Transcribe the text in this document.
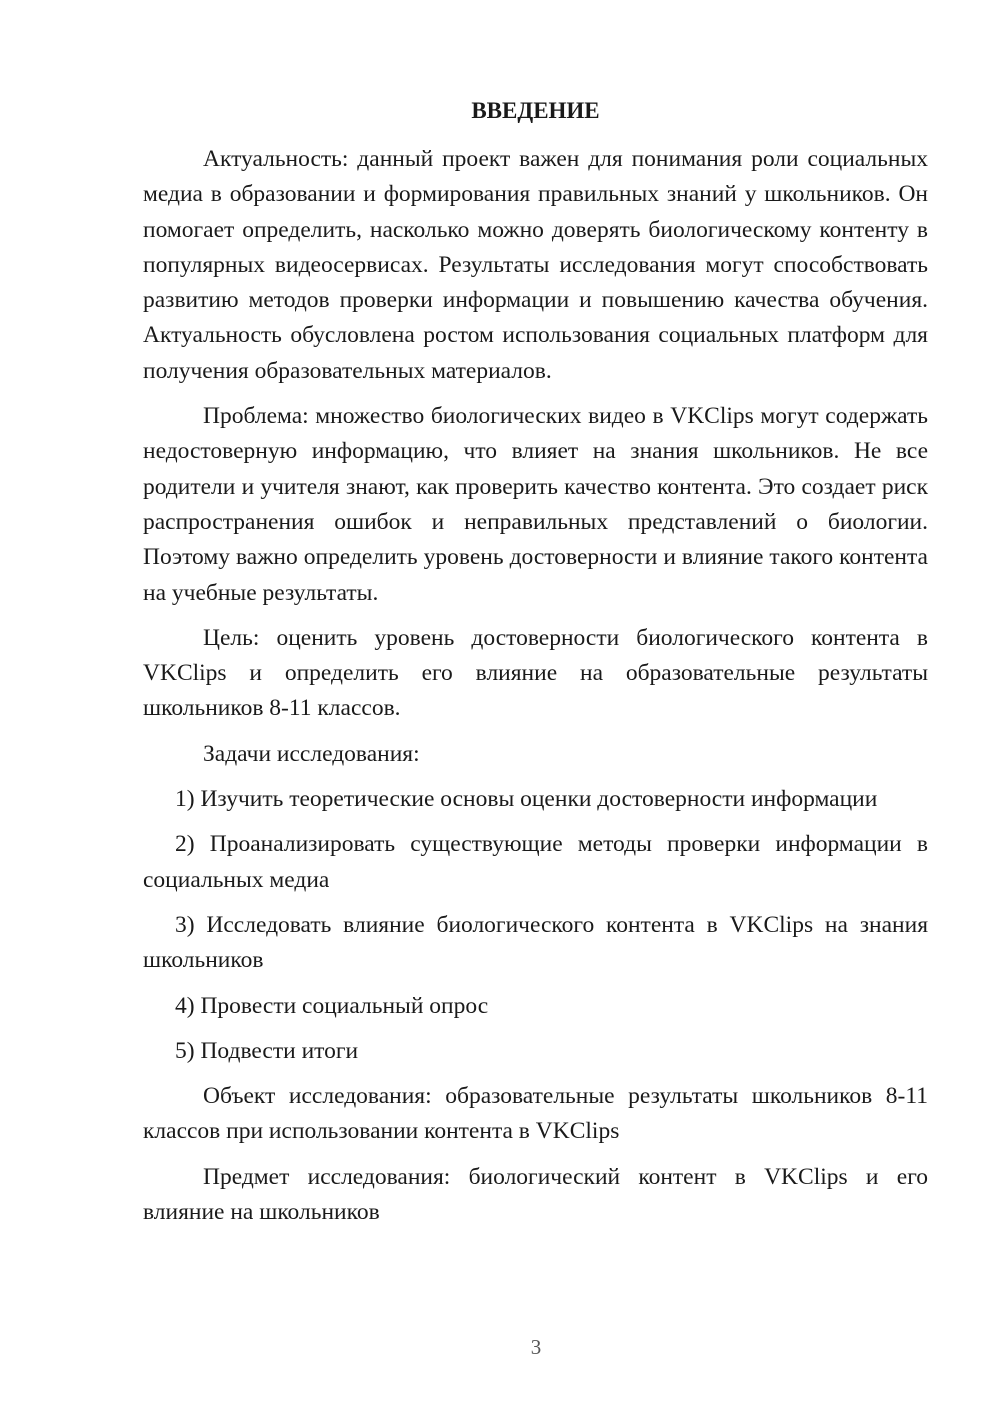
ВВЕДЕНИЕ

Актуальность: данный проект важен для понимания роли социальных медиа в образовании и формирования правильных знаний у школьников. Он помогает определить, насколько можно доверять биологическому контенту в популярных видеосервисах. Результаты исследования могут способствовать развитию методов проверки информации и повышению качества обучения. Актуальность обусловлена ростом использования социальных платформ для получения образовательных материалов.

Проблема: множество биологических видео в VKClips могут содержать недостоверную информацию, что влияет на знания школьников. Не все родители и учителя знают, как проверить качество контента. Это создает риск распространения ошибок и неправильных представлений о биологии. Поэтому важно определить уровень достоверности и влияние такого контента на учебные результаты.

Цель: оценить уровень достоверности биологического контента в VKClips и определить его влияние на образовательные результаты школьников 8-11 классов.

Задачи исследования:

1) Изучить теоретические основы оценки достоверности информации

2) Проанализировать существующие методы проверки информации в социальных медиа

3) Исследовать влияние биологического контента в VKClips на знания школьников

4) Провести социальный опрос

5) Подвести итоги

Объект исследования: образовательные результаты школьников 8-11 классов при использовании контента в VKClips

Предмет исследования: биологический контент в VKClips и его влияние на школьников

3
